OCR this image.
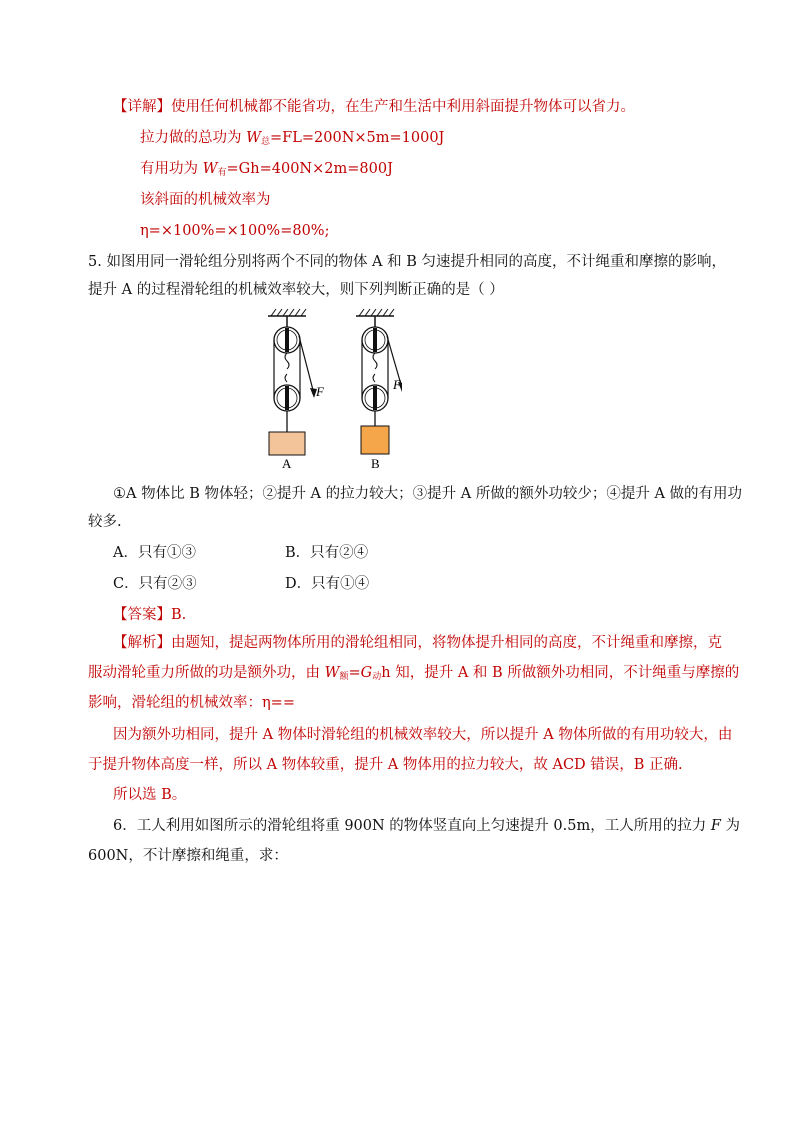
【详解】使用任何机械都不能省功，在生产和生活中利用斜面提升物体可以省力。
拉力做的总功为 $W_总=FL=200N\times 5m=1000J$
有用功为 $W_有=Gh=400N\times 2m=800J$
该斜面的机械效率为
η=×100%=×100%=80%;
5. 如图用同一滑轮组分别将两个不同的物体 A 和 B 匀速提升相同的高度，不计绳重和摩擦的影响，
提升 A 的过程滑轮组的机械效率较大，则下列判断正确的是（ ）
F	F
A	B
①A 物体比 B 物体轻；②提升 A 的拉力较大；③提升 A 所做的额外功较少；④提升 A 做的有用功
较多.
A．只有①③	B．只有②④
C．只有②③	D．只有①④
【答案】B.
【解析】由题知，提起两物体所用的滑轮组相同，将物体提升相同的高度，不计绳重和摩擦，克
服动滑轮重力所做的功是额外功，由 $W_额=G_动h$ 知，提升 A 和 B 所做额外功相同，不计绳重与摩擦的
影响，滑轮组的机械效率：η==
因为额外功相同，提升 A 物体时滑轮组的机械效率较大，所以提升 A 物体所做的有用功较大，由
于提升物体高度一样，所以 A 物体较重，提升 A 物体用的拉力较大，故 ACD 错误，B 正确.
所以选 B。
6．工人利用如图所示的滑轮组将重 900N 的物体竖直向上匀速提升 0.5m，工人所用的拉力 F 为
600N，不计摩擦和绳重，求：
